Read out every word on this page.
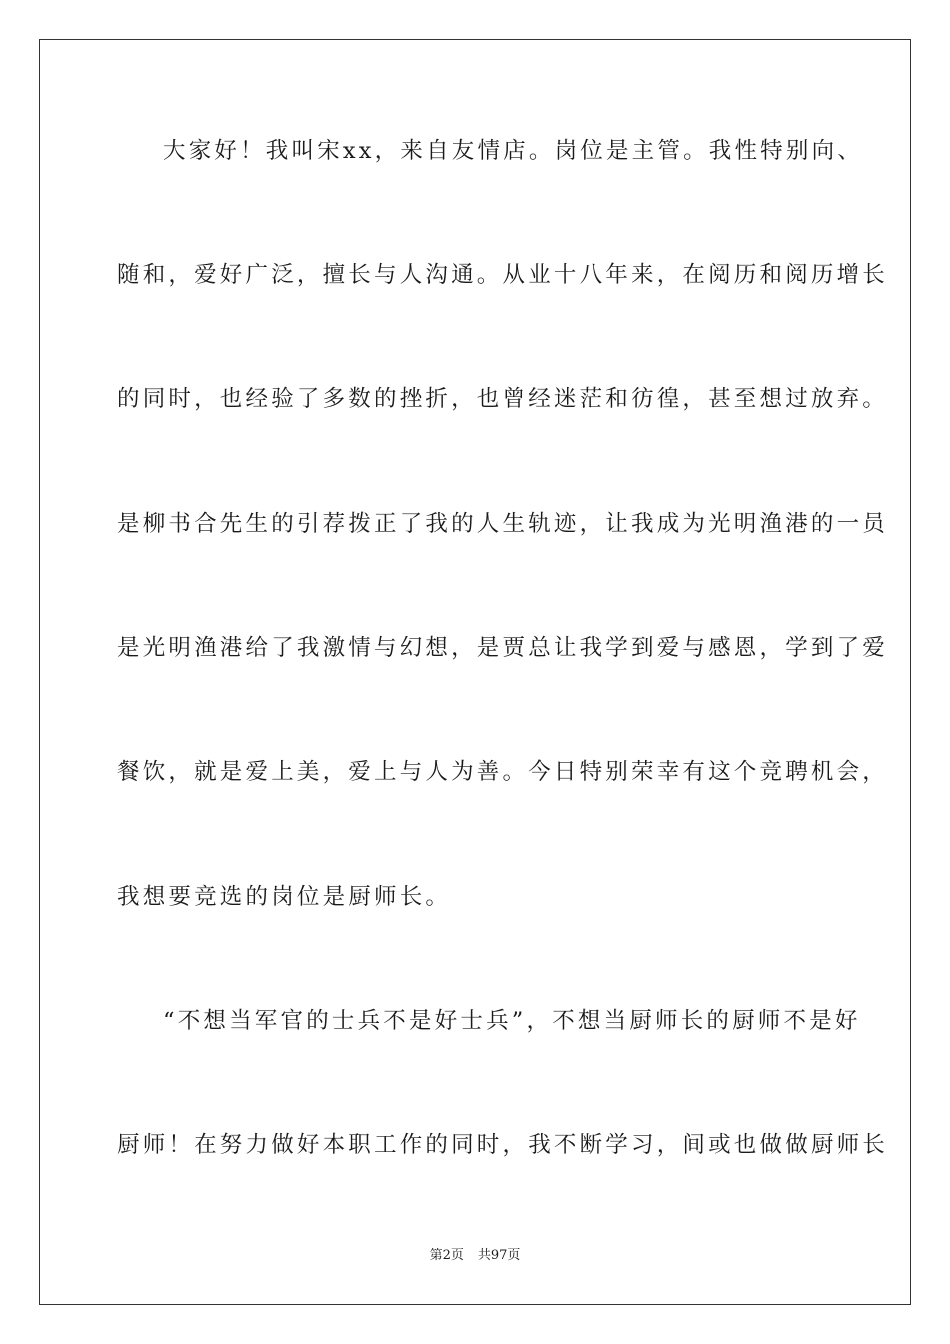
大家好！我叫宋xx，来自友情店。岗位是主管。我性特别向、
随和，爱好广泛，擅长与人沟通。从业十八年来，在阅历和阅历增长
的同时，也经验了多数的挫折，也曾经迷茫和彷徨，甚至想过放弃。
是柳书合先生的引荐拨正了我的人生轨迹，让我成为光明渔港的一员
是光明渔港给了我激情与幻想，是贾总让我学到爱与感恩，学到了爱
餐饮，就是爱上美，爱上与人为善。今日特别荣幸有这个竞聘机会，
我想要竞选的岗位是厨师长。
“不想当军官的士兵不是好士兵”，不想当厨师长的厨师不是好
厨师！在努力做好本职工作的同时，我不断学习，间或也做做厨师长
第2页 共97页
